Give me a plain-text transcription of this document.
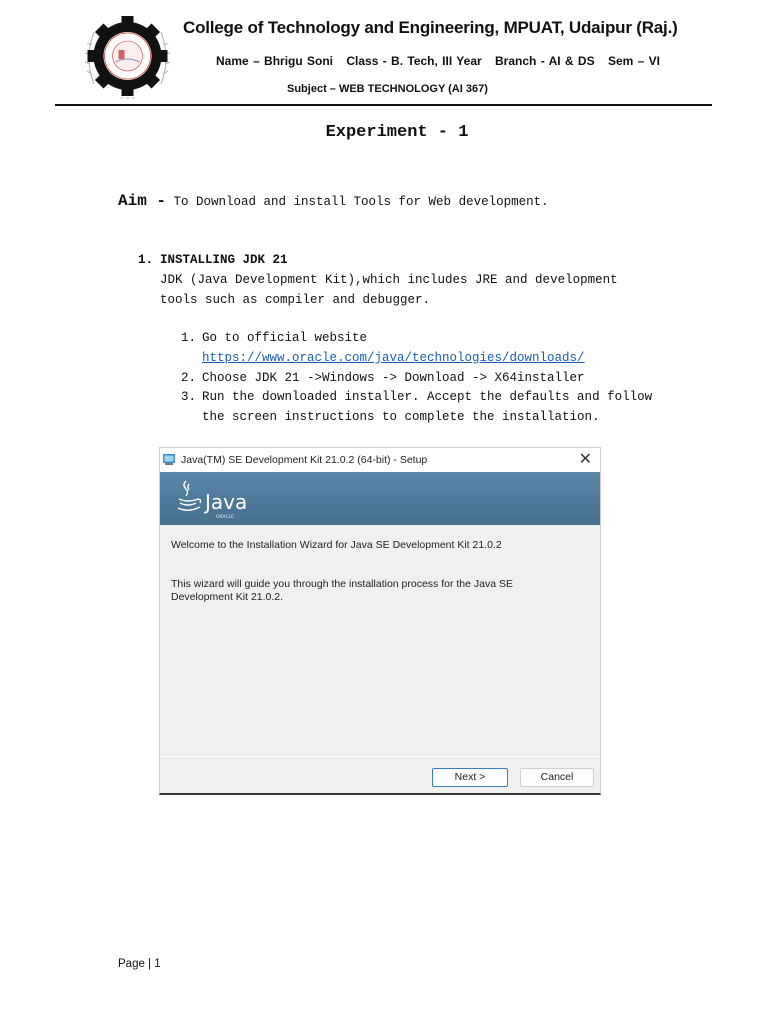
~ ~ ~
College of Technology and Engineering, MPUAT, Udaipur (Raj.)
Name – Bhrigu Soni Class - B. Tech, III Year Branch - AI & DS Sem – VI
Subject – WEB TECHNOLOGY (AI 367)
Experiment - 1
Aim - To Download and install Tools for Web development.
1. INSTALLING JDK 21
JDK (Java Development Kit),which includes JRE and development
tools such as compiler and debugger.
1. Go to official website
https://www.oracle.com/java/technologies/downloads/
2. Choose JDK 21 ->Windows -> Download -> X64installer
3. Run the downloaded installer. Accept the defaults and follow
the screen instructions to complete the installation.
Java(TM) SE Development Kit 21.0.2 (64-bit) - Setup	✕
Java
ORACLE
Welcome to the Installation Wizard for Java SE Development Kit 21.0.2
This wizard will guide you through the installation process for the Java SE Development Kit 21.0.2.
Next >	Cancel
Page | 1
